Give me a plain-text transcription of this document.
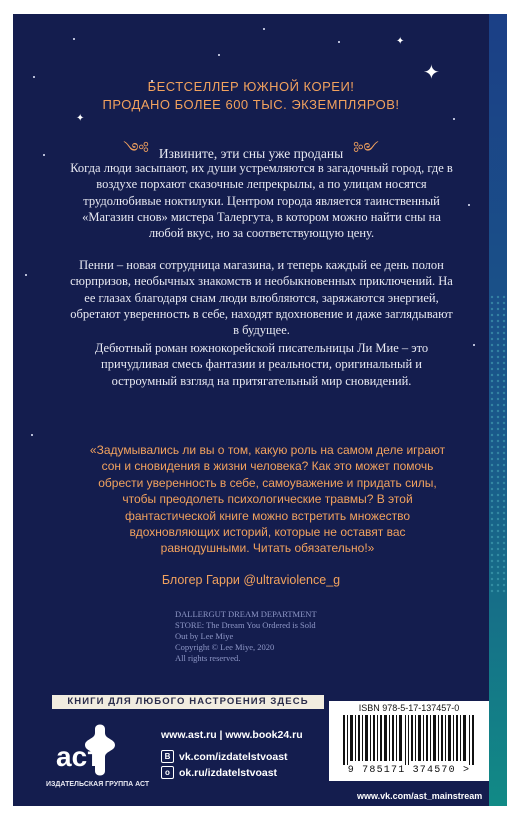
✦
✦
✦
БЕСТСЕЛЛЕР ЮЖНОЙ КОРЕИ!
ПРОДАНО БОЛЕЕ 600 ТЫС. ЭКЗЕМПЛЯРОВ!
༺ Извините, эти сны уже проданы ༻

Когда люди засыпают, их души устремляются в загадочный город, где в воздухе порхают сказочные лепрекрылы, а по улицам носятся трудолюбивые ноктилуки. Центром города является таинственный «Магазин снов» мистера Талергута, в котором можно найти сны на любой вкус, но за соответствующую цену.

Пенни – новая сотрудница магазина, и теперь каждый ее день полон сюрпризов, необычных знакомств и необыкновенных приключений. На ее глазах благодаря снам люди влюбляются, заряжаются энергией, обретают уверенность в себе, находят вдохновение и даже заглядывают в будущее.

Дебютный роман южнокорейской писательницы Ли Мие – это причудливая смесь фантазии и реальности, оригинальный и остроумный взгляд на притягательный мир сновидений.

«Задумывались ли вы о том, какую роль на самом деле играют сон и сновидения в жизни человека? Как это может помочь обрести уверенность в себе, самоуважение и придать силы, чтобы преодолеть психологические травмы? В этой фантастической книге можно встретить множество вдохновляющих историй, которые не оставят вас равнодушными. Читать обязательно!»

Блогер Гарри @ultraviolence_g
DALLERGUT DREAM DEPARTMENT
STORE: The Dream You Ordered is Sold
Out by Lee Miye
Copyright © Lee Miye, 2020
All rights reserved.
КНИГИ ДЛЯ ЛЮБОГО НАСТРОЕНИЯ ЗДЕСЬ
аст
ИЗДАТЕЛЬСКАЯ ГРУППА АСТ
www.ast.ru | www.book24.ru
B vk.com/izdatelstvoast
o ok.ru/izdatelstvoast
ISBN 978-5-17-137457-0
9 785171 374570 >
www.vk.com/ast_mainstream
